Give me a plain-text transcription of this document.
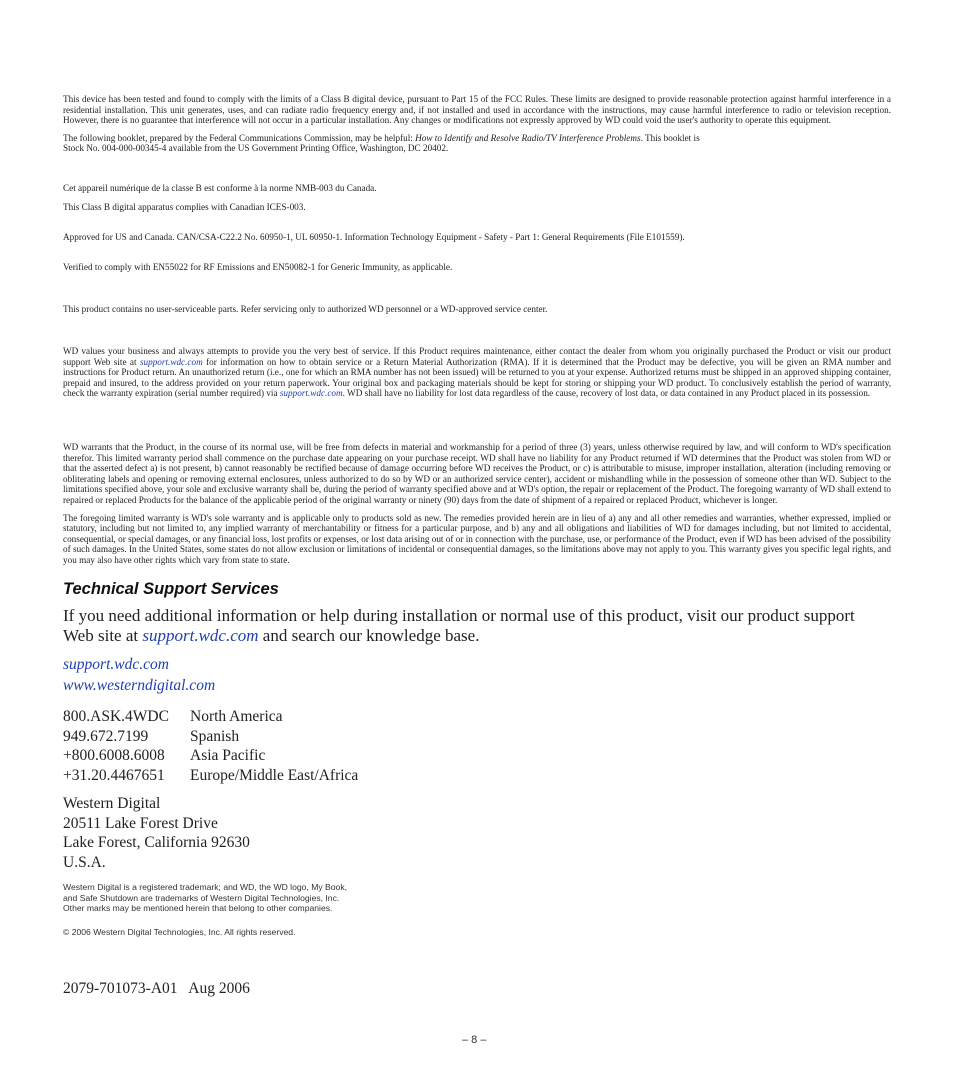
This device has been tested and found to comply with the limits of a Class B digital device, pursuant to Part 15 of the FCC Rules. These limits are designed to provide reasonable protection against harmful interference in a residential installation. This unit generates, uses, and can radiate radio frequency energy and, if not installed and used in accordance with the instructions, may cause harmful interference to radio or television reception. However, there is no guarantee that interference will not occur in a particular installation. Any changes or modifications not expressly approved by WD could void the user's authority to operate this equipment.

The following booklet, prepared by the Federal Communications Commission, may be helpful: How to Identify and Resolve Radio/TV Interference Problems. This booklet is
Stock No. 004-000-00345-4 available from the US Government Printing Office, Washington, DC 20402.

Cet appareil numérique de la classe B est conforme à la norme NMB-003 du Canada.

This Class B digital apparatus complies with Canadian ICES-003.

Approved for US and Canada. CAN/CSA-C22.2 No. 60950-1, UL 60950-1. Information Technology Equipment - Safety - Part 1: General Requirements (File E101559).

Verified to comply with EN55022 for RF Emissions and EN50082-1 for Generic Immunity, as applicable.

This product contains no user-serviceable parts. Refer servicing only to authorized WD personnel or a WD-approved service center.

WD values your business and always attempts to provide you the very best of service. If this Product requires maintenance, either contact the dealer from whom you originally purchased the Product or visit our product support Web site at support.wdc.com for information on how to obtain service or a Return Material Authorization (RMA). If it is determined that the Product may be defective, you will be given an RMA number and instructions for Product return. An unauthorized return (i.e., one for which an RMA number has not been issued) will be returned to you at your expense. Authorized returns must be shipped in an approved shipping container, prepaid and insured, to the address provided on your return paperwork. Your original box and packaging materials should be kept for storing or shipping your WD product. To conclusively establish the period of warranty, check the warranty expiration (serial number required) via support.wdc.com. WD shall have no liability for lost data regardless of the cause, recovery of lost data, or data contained in any Product placed in its possession.

WD warrants that the Product, in the course of its normal use, will be free from defects in material and workmanship for a period of three (3) years, unless otherwise required by law, and will conform to WD's specification therefor. This limited warranty period shall commence on the purchase date appearing on your purchase receipt. WD shall have no liability for any Product returned if WD determines that the Product was stolen from WD or that the asserted defect a) is not present, b) cannot reasonably be rectified because of damage occurring before WD receives the Product, or c) is attributable to misuse, improper installation, alteration (including removing or obliterating labels and opening or removing external enclosures, unless authorized to do so by WD or an authorized service center), accident or mishandling while in the possession of someone other than WD. Subject to the limitations specified above, your sole and exclusive warranty shall be, during the period of warranty specified above and at WD's option, the repair or replacement of the Product. The foregoing warranty of WD shall extend to repaired or replaced Products for the balance of the applicable period of the original warranty or ninety (90) days from the date of shipment of a repaired or replaced Product, whichever is longer.

The foregoing limited warranty is WD's sole warranty and is applicable only to products sold as new. The remedies provided herein are in lieu of a) any and all other remedies and warranties, whether expressed, implied or statutory, including but not limited to, any implied warranty of merchantability or fitness for a particular purpose, and b) any and all obligations and liabilities of WD for damages including, but not limited to accidental, consequential, or special damages, or any financial loss, lost profits or expenses, or lost data arising out of or in connection with the purchase, use, or performance of the Product, even if WD has been advised of the possibility of such damages. In the United States, some states do not allow exclusion or limitations of incidental or consequential damages, so the limitations above may not apply to you. This warranty gives you specific legal rights, and you may also have other rights which vary from state to state.

Technical Support Services

If you need additional information or help during installation or normal use of this product, visit our product support Web site at support.wdc.com and search our knowledge base.

support.wdc.com
www.westerndigital.com
800.ASK.4WDC	North America
949.672.7199	Spanish
+800.6008.6008	Asia Pacific
+31.20.4467651	Europe/Middle East/Africa
Western Digital
20511 Lake Forest Drive
Lake Forest, California 92630
U.S.A.

Western Digital is a registered trademark; and WD, the WD logo, My Book, and Safe Shutdown are trademarks of Western Digital Technologies, Inc. Other marks may be mentioned herein that belong to other companies.

© 2006 Western Digital Technologies, Inc. All rights reserved.

2079-701073-A01   Aug 2006
– 8 –
